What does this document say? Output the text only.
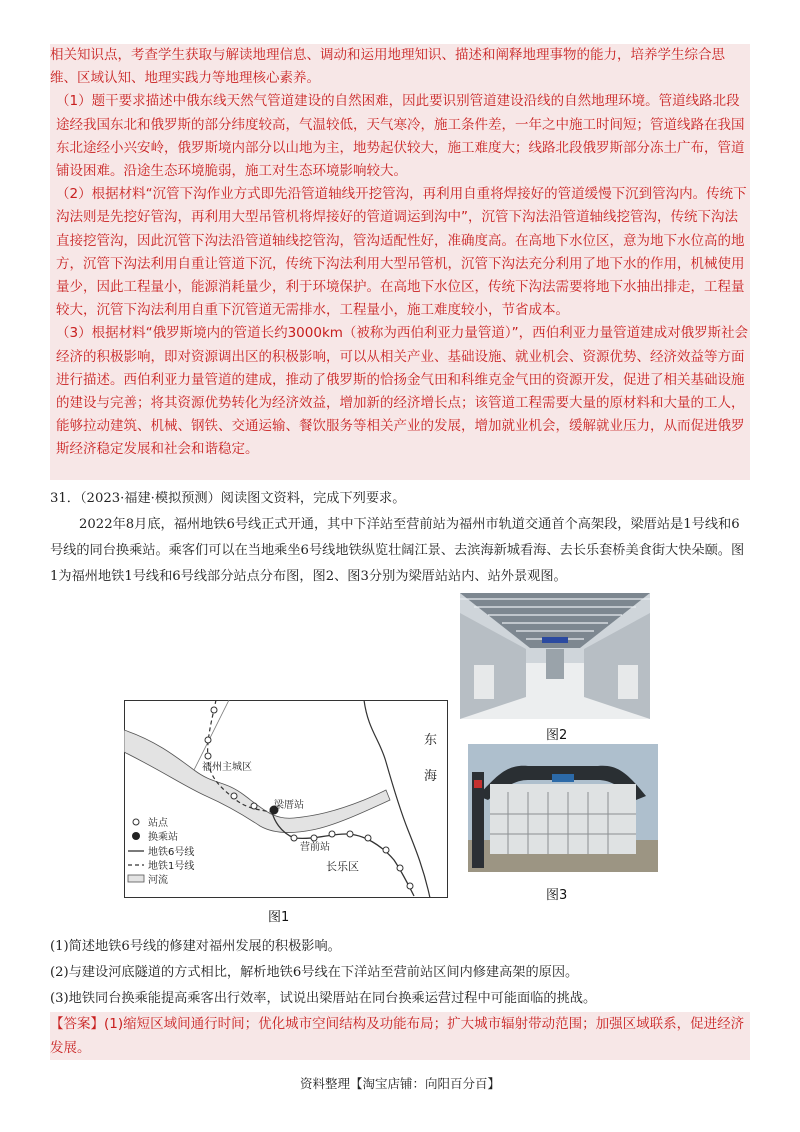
相关知识点，考查学生获取与解读地理信息、调动和运用地理知识、描述和阐释地理事物的能力，培养学生综合思维、区域认知、地理实践力等地理核心素养。

（1）题干要求描述中俄东线天然气管道建设的自然困难，因此要识别管道建设沿线的自然地理环境。管道线路北段途经我国东北和俄罗斯的部分纬度较高，气温较低，天气寒冷，施工条件差，一年之中施工时间短；管道线路在我国东北途经小兴安岭，俄罗斯境内部分以山地为主，地势起伏较大，施工难度大；线路北段俄罗斯部分冻土广布，管道铺设困难。沿途生态环境脆弱，施工对生态环境影响较大。

（2）根据材料“沉管下沟作业方式即先沿管道轴线开挖管沟，再利用自重将焊接好的管道缓慢下沉到管沟内。传统下沟法则是先挖好管沟，再利用大型吊管机将焊接好的管道调运到沟中”，沉管下沟法沿管道轴线挖管沟，传统下沟法直接挖管沟，因此沉管下沟法沿管道轴线挖管沟，管沟适配性好，准确度高。在高地下水位区，意为地下水位高的地方，沉管下沟法利用自重让管道下沉，传统下沟法利用大型吊管机，沉管下沟法充分利用了地下水的作用，机械使用量少，因此工程量小，能源消耗量少，利于环境保护。在高地下水位区，传统下沟法需要将地下水抽出排走，工程量较大，沉管下沟法利用自重下沉管道无需排水，工程量小，施工难度较小，节省成本。

（3）根据材料“俄罗斯境内的管道长约3000km（被称为西伯利亚力量管道）”，西伯利亚力量管道建成对俄罗斯社会经济的积极影响，即对资源调出区的积极影响，可以从相关产业、基础设施、就业机会、资源优势、经济效益等方面进行描述。西伯利亚力量管道的建成，推动了俄罗斯的恰扬金气田和科维克金气田的资源开发，促进了相关基础设施的建设与完善；将其资源优势转化为经济效益，增加新的经济增长点；该管道工程需要大量的原材料和大量的工人，能够拉动建筑、机械、钢铁、交通运输、餐饮服务等相关产业的发展，增加就业机会，缓解就业压力，从而促进俄罗斯经济稳定发展和社会和谐稳定。

31．（2023·福建·模拟预测）阅读图文资料，完成下列要求。

2022年8月底，福州地铁6号线正式开通，其中下洋站至营前站为福州市轨道交通首个高架段，梁厝站是1号线和6号线的同台换乘站。乘客们可以在当地乘坐6号线地铁纵览壮阔江景、去滨海新城看海、去长乐套桥美食街大快朵颐。图1为福州地铁1号线和6号线部分站点分布图，图2、图3分别为梁厝站站内、站外景观图。

福州主城区
梁厝站
营前站
长乐区
东
海
站点
换乘站
地铁6号线
地铁1号线
河流
图1
图2
图3

(1)简述地铁6号线的修建对福州发展的积极影响。

(2)与建设河底隧道的方式相比，解析地铁6号线在下洋站至营前站区间内修建高架的原因。

(3)地铁同台换乘能提高乘客出行效率，试说出梁厝站在同台换乘运营过程中可能面临的挑战。

【答案】(1)缩短区域间通行时间；优化城市空间结构及功能布局；扩大城市辐射带动范围；加强区域联系，促进经济发展。

资料整理【淘宝店铺：向阳百分百】
